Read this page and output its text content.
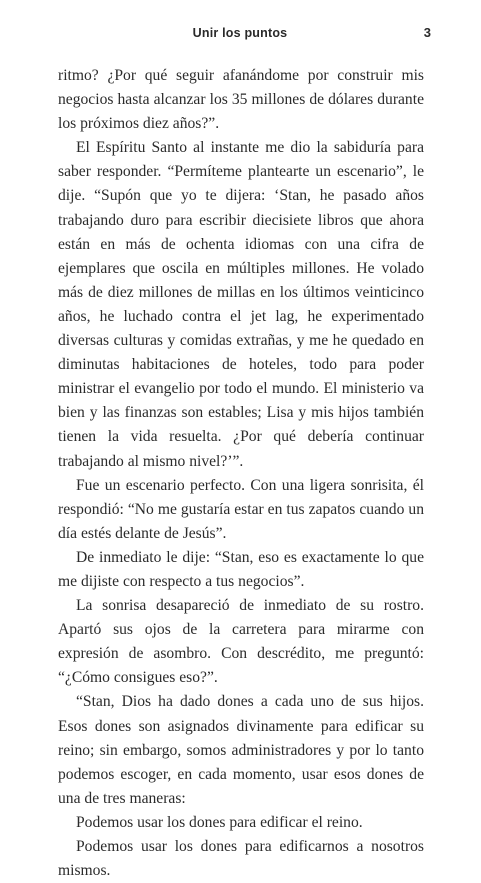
Unir los puntos	3

ritmo? ¿Por qué seguir afanándome por construir mis negocios hasta alcanzar los 35 millones de dólares durante los próximos diez años?”.

El Espíritu Santo al instante me dio la sabiduría para saber responder. “Permíteme plantearte un escenario”, le dije. “Supón que yo te dijera: ‘Stan, he pasado años trabajando duro para escribir diecisiete libros que ahora están en más de ochenta idiomas con una cifra de ejemplares que oscila en múltiples millones. He volado más de diez millones de millas en los últimos veinticinco años, he luchado contra el jet lag, he experimentado diversas culturas y comidas extrañas, y me he quedado en diminutas habitaciones de hoteles, todo para poder ministrar el evangelio por todo el mundo. El ministerio va bien y las finanzas son estables; Lisa y mis hijos también tienen la vida resuelta. ¿Por qué debería continuar trabajando al mismo nivel?’”.

Fue un escenario perfecto. Con una ligera sonrisita, él respondió: “No me gustaría estar en tus zapatos cuando un día estés delante de Jesús”.

De inmediato le dije: “Stan, eso es exactamente lo que me dijiste con respecto a tus negocios”.

La sonrisa desapareció de inmediato de su rostro. Apartó sus ojos de la carretera para mirarme con expresión de asombro. Con descrédito, me preguntó: “¿Cómo consigues eso?”.

“Stan, Dios ha dado dones a cada uno de sus hijos. Esos dones son asignados divinamente para edificar su reino; sin embargo, somos administradores y por lo tanto podemos escoger, en cada momento, usar esos dones de una de tres maneras:

Podemos usar los dones para edificar el reino.

Podemos usar los dones para edificarnos a nosotros mismos.
